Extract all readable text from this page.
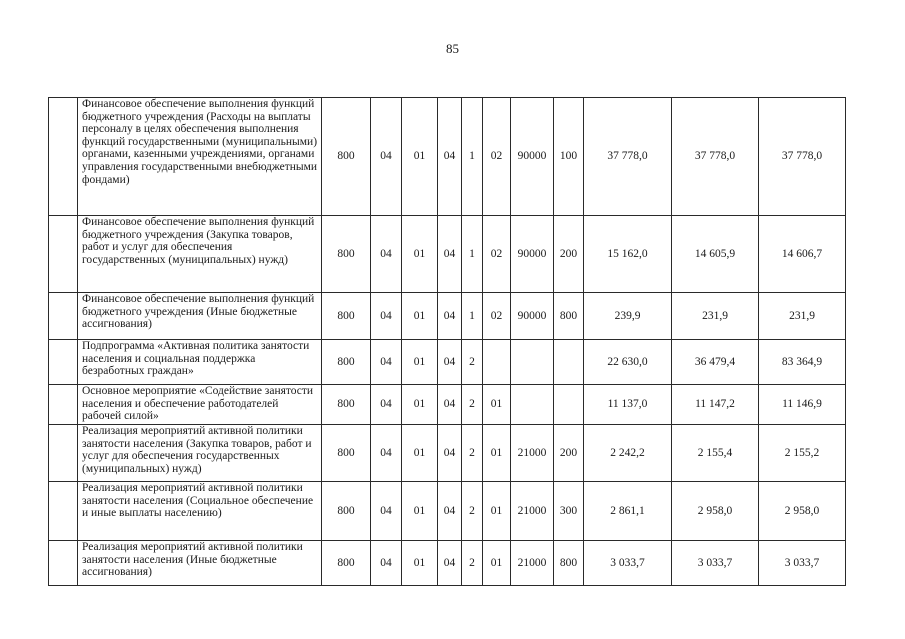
85
	Финансовое обеспечение выполнения функций бюджетного учреждения (Расходы на выплаты персоналу в целях обеспечения выполнения функций государственными (муниципальными) органами, казенными учреждениями, органами управления государственными внебюджетными фондами)	800	04	01	04	1	02	90000	100	37 778,0	37 778,0	37 778,0
	Финансовое обеспечение выполнения функций бюджетного учреждения (Закупка товаров, работ и услуг для обеспечения государственных (муниципальных) нужд)	800	04	01	04	1	02	90000	200	15 162,0	14 605,9	14 606,7
	Финансовое обеспечение выполнения функций бюджетного учреждения (Иные бюджетные ассигнования)	800	04	01	04	1	02	90000	800	239,9	231,9	231,9
	Подпрограмма «Активная политика занятости населения и социальная поддержка безработных граждан»	800	04	01	04	2				22 630,0	36 479,4	83 364,9
	Основное мероприятие «Содействие занятости населения и обеспечение работодателей рабочей силой»	800	04	01	04	2	01			11 137,0	11 147,2	11 146,9
	Реализация мероприятий активной политики занятости населения (Закупка товаров, работ и услуг для обеспечения государственных (муниципальных) нужд)	800	04	01	04	2	01	21000	200	2 242,2	2 155,4	2 155,2
	Реализация мероприятий активной политики занятости населения (Социальное обеспечение и иные выплаты населению)	800	04	01	04	2	01	21000	300	2 861,1	2 958,0	2 958,0
	Реализация мероприятий активной политики занятости населения (Иные бюджетные ассигнования)	800	04	01	04	2	01	21000	800	3 033,7	3 033,7	3 033,7
